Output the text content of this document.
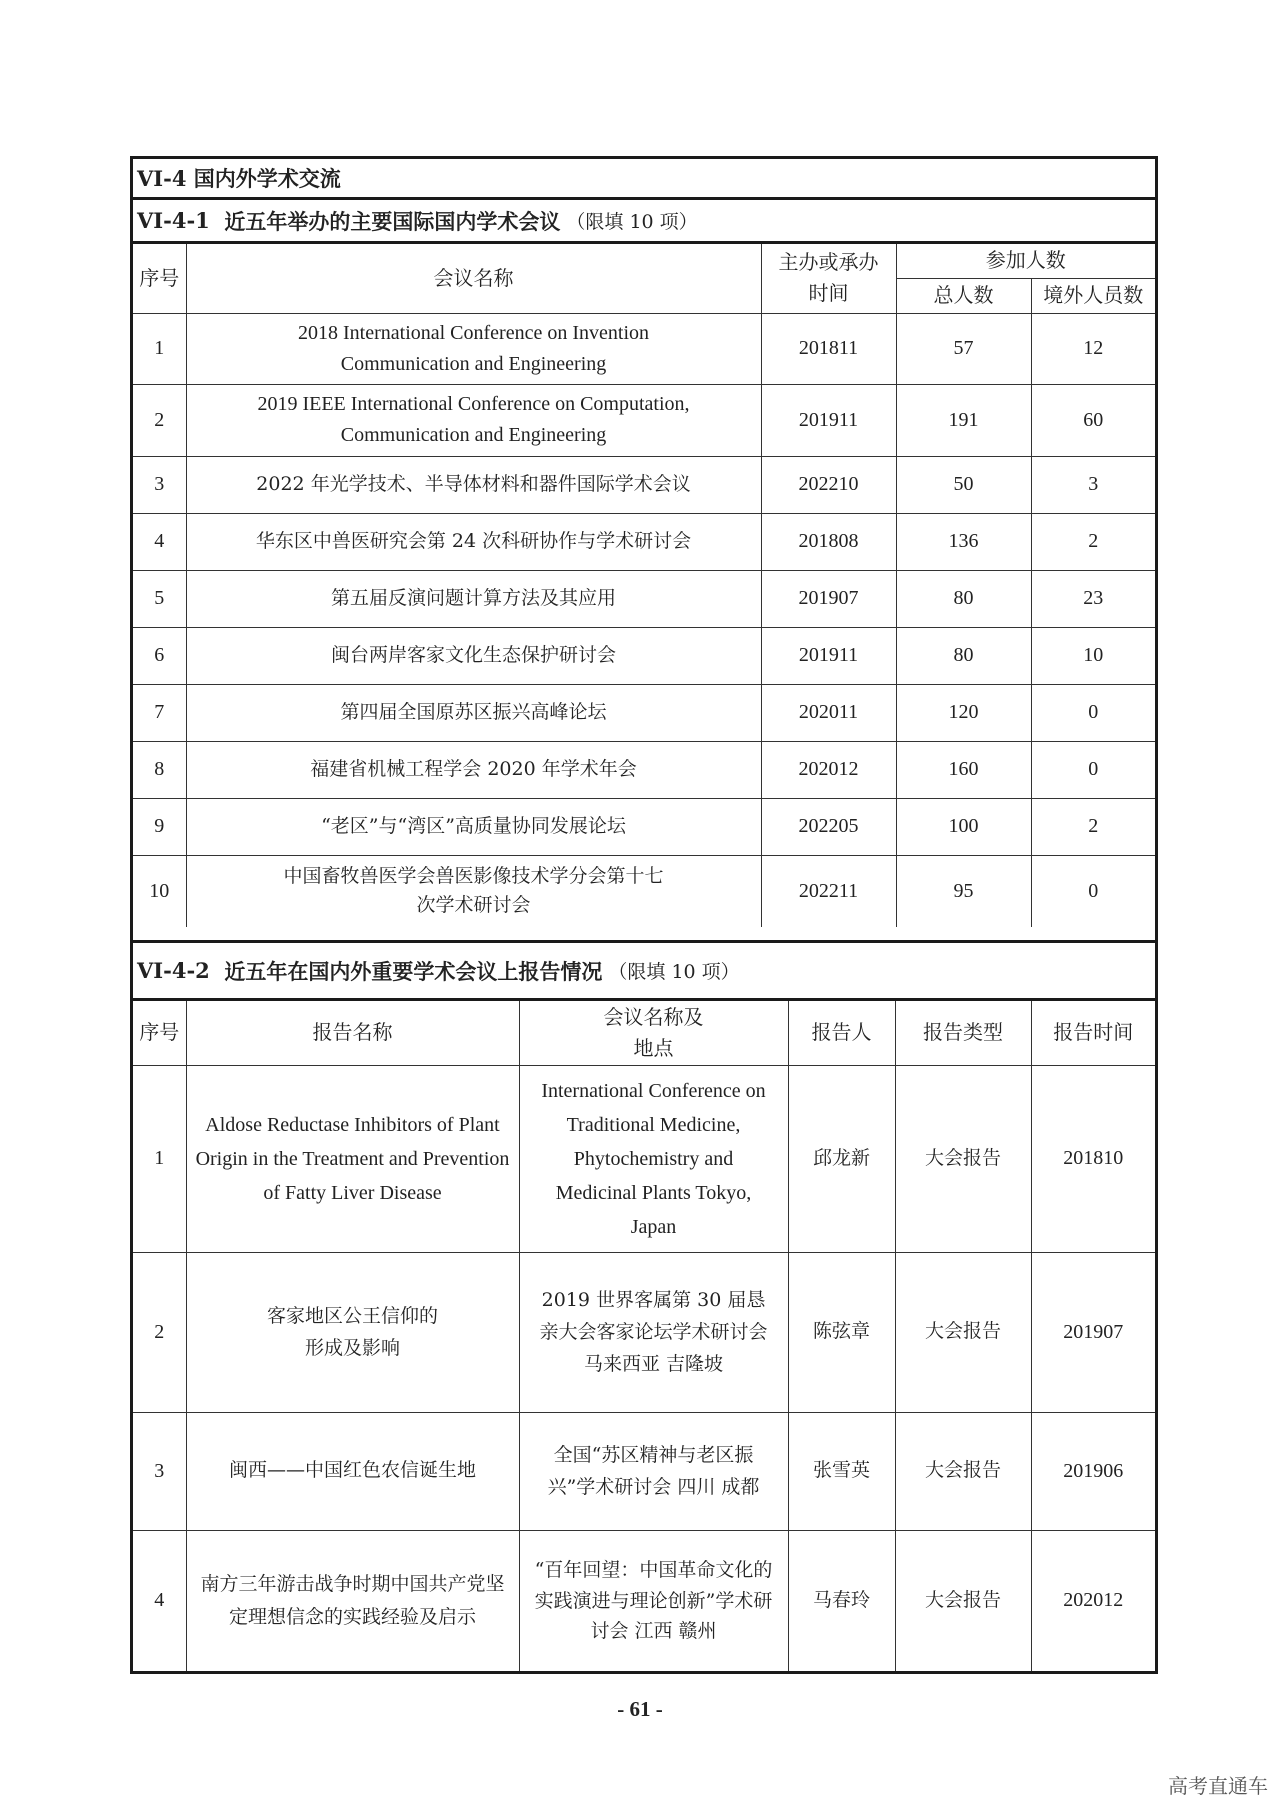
VI-4 国内外学术交流
VI-4-1
近五年举办的主要国际国内学术会议 （限填 10 项）
序号	会议名称	主办或承办时间	参加人数	
			总人数	境外人员数
1	2018 International Conference on Invention Communication and Engineering	201811	57	12
2	2019 IEEE International Conference on Computation, Communication and Engineering	201911	191	60
3	2022 年光学技术、半导体材料和器件国际学术会议	202210	50	3
4	华东区中兽医研究会第 24 次科研协作与学术研讨会	201808	136	2
5	第五届反演问题计算方法及其应用	201907	80	23
6	闽台两岸客家文化生态保护研讨会	201911	80	10
7	第四届全国原苏区振兴高峰论坛	202011	120	0
8	福建省机械工程学会 2020 年学术年会	202012	160	0
9	“老区”与“湾区”高质量协同发展论坛	202205	100	2
10	中国畜牧兽医学会兽医影像技术学分会第十七次学术研讨会	202211	95	0
VI-4-2
近五年在国内外重要学术会议上报告情况 （限填 10 项）
序号	报告名称	会议名称及地点	报告人	报告类型	报告时间
1	Aldose Reductase Inhibitors of Plant Origin in the Treatment and Prevention of Fatty Liver Disease	International Conference on Traditional Medicine, Phytochemistry and Medicinal Plants Tokyo, Japan	邱龙新	大会报告	201810
2	客家地区公王信仰的形成及影响	2019 世界客属第 30 届恳亲大会客家论坛学术研讨会 马来西亚 吉隆坡	陈弦章	大会报告	201907
3	闽西——中国红色农信诞生地	全国“苏区精神与老区振兴”学术研讨会 四川 成都	张雪英	大会报告	201906
4	南方三年游击战争时期中国共产党坚定理想信念的实践经验及启示	“百年回望：中国革命文化的实践演进与理论创新”学术研讨会 江西 赣州	马春玲	大会报告	202012
- 61 -
高考直通车
